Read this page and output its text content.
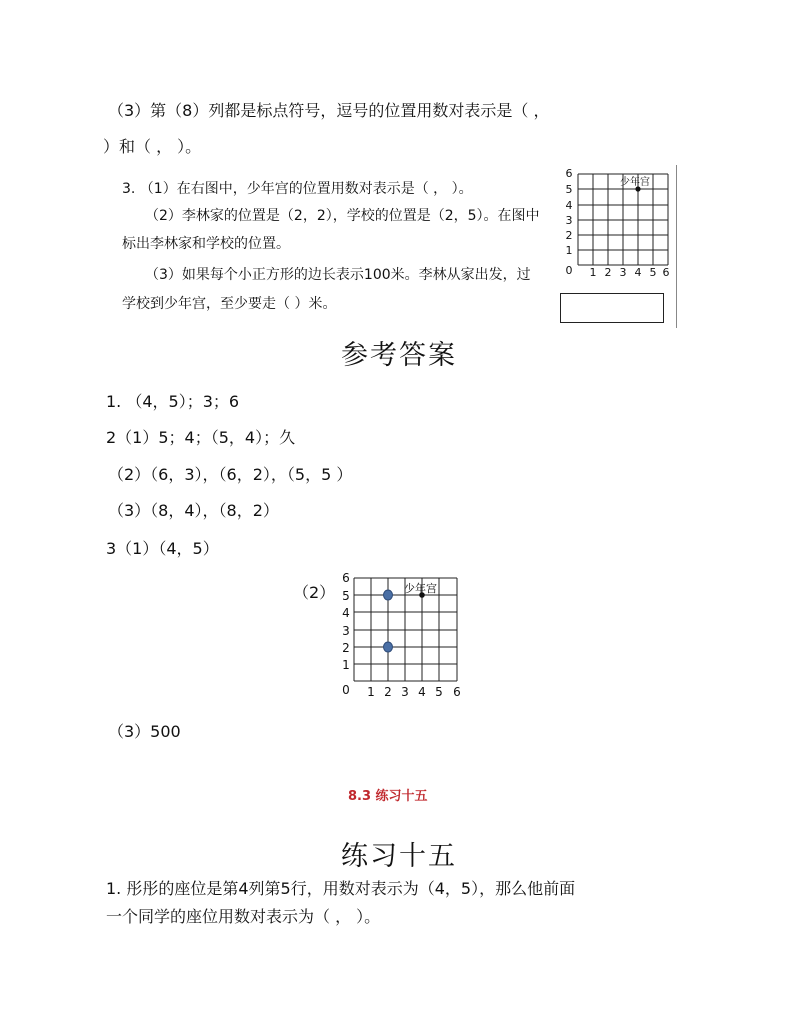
（3）第（8）列都是标点符号，逗号的位置用数对表示是（ ，
）和（ ， ）。
3. （1）在右图中，少年宫的位置用数对表示是（ ， ）。
（2）李林家的位置是（2，2），学校的位置是（2，5）。在图中
标出李林家和学校的位置。
（3）如果每个小正方形的边长表示100米。李林从家出发，过
学校到少年宫，至少要走（ ）米。
0 1 2 3 4 5 6
1
2
3
4
5
6
少年宫
参考答案
1. （4，5）；3；6
2（1）5；4；（5，4）；久
（2）（6，3），（6，2），（5，5 ）
（3）（8，4），（8，2）
3（1）（4，5）
（2）
0 1 2 3 4 5 6
1
2
3
4
5
6
少年宫
（3）500
8.3 练习十五
练习十五
1. 彤彤的座位是第4列第5行，用数对表示为（4，5），那么他前面
一个同学的座位用数对表示为（ ， ）。
